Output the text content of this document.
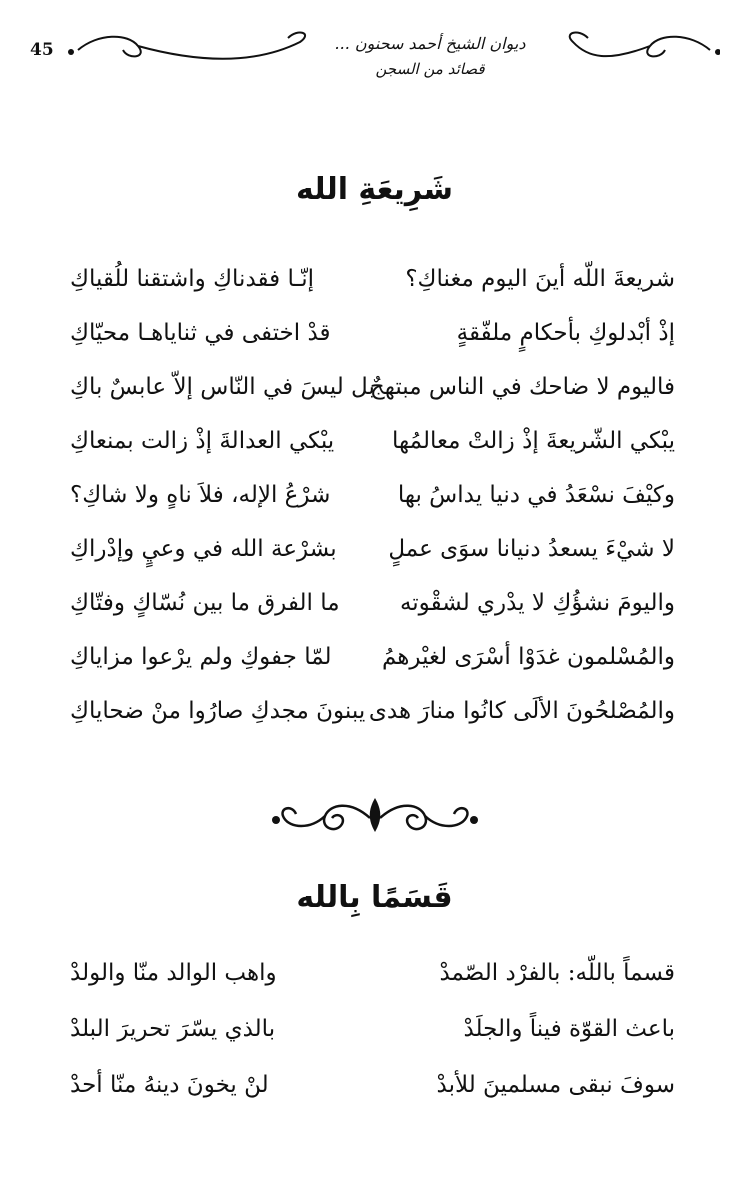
45	ديوان الشيخ أحمد سحنون ...
قصائد من السجن
شَرِيعَةِ الله
شريعةَ اللّه أينَ اليوم مغناكِ؟
إنّـا فقدناكِ واشتقنا للُقياكِ
إذْ أبْدلوكِ بأحكامٍ ملفّقةٍ
قدْ اختفى في ثناياهـا محيّاكِ
فاليوم لا ضاحك في الناس مبتهجٌ
بل ليسَ في النّاس إلاّ عابسٌ باكِ
يبْكي الشّريعةَ إذْ زالتْ معالمُها
يبْكي العدالةَ إذْ زالت بمنعاكِ
وكيْفَ نسْعَدُ في دنيا يداسُ بها
شرْعُ الإله، فلاَ ناهٍ ولا شاكِ؟
لا شيْءَ يسعدُ دنيانا سوَى عملٍ
بشرْعة الله في وعيٍ وإدْراكِ
واليومَ نشؤُكِ لا يدْري لشقْوته
ما الفرق ما بين نُسّاكٍ وفتّاكِ
والمُسْلمون غدَوْا أسْرَى لغيْرهمُ
لمّا جفوكِ ولم يرْعوا مزاياكِ
والمُصْلحُونَ الألَى كانُوا منارَ هدى
يبنونَ مجدكِ صارُوا منْ ضحاياكِ
قَسَمًا بِالله
قسماً باللّه: بالفرْد الصّمدْ
واهب الوالد منّا والولدْ
باعث القوّة فيناً والجلَدْ
بالذي يسّرَ تحريرَ البلدْ
سوفَ نبقى مسلمينَ للأبدْ
لنْ يخونَ دينهُ منّا أحدْ
